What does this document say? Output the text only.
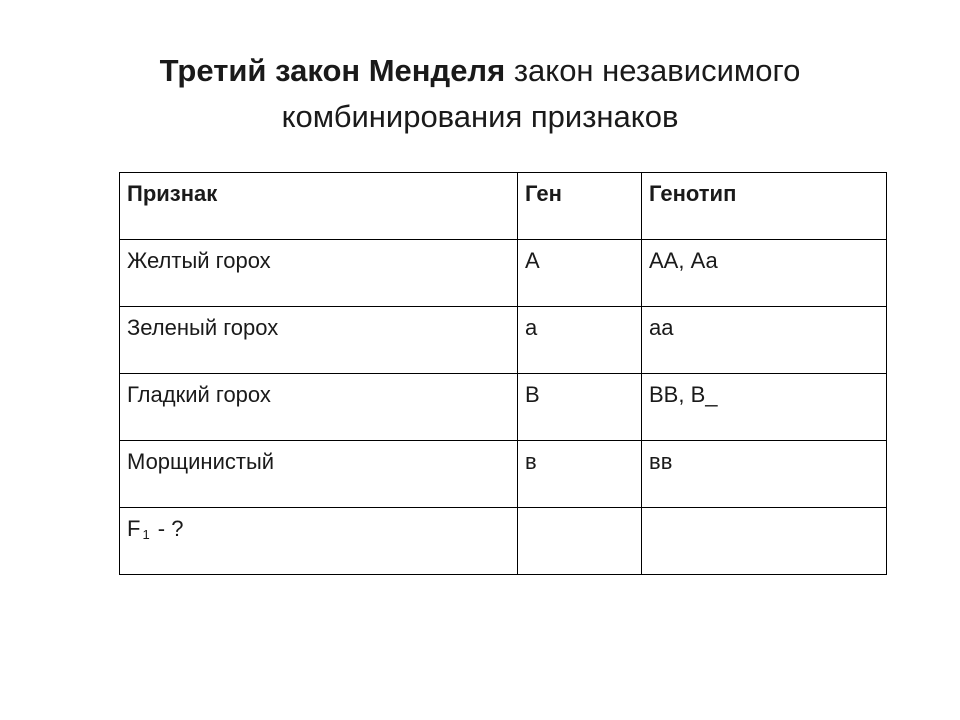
Третий закон Менделя закон независимого
комбинирования признаков
Признак	Ген	Генотип
Желтый горох	А	АА, Аа
Зеленый горох	а	аа
Гладкий горох	В	ВВ, В_
Морщинистый	в	вв
F $_1$ - ?		
